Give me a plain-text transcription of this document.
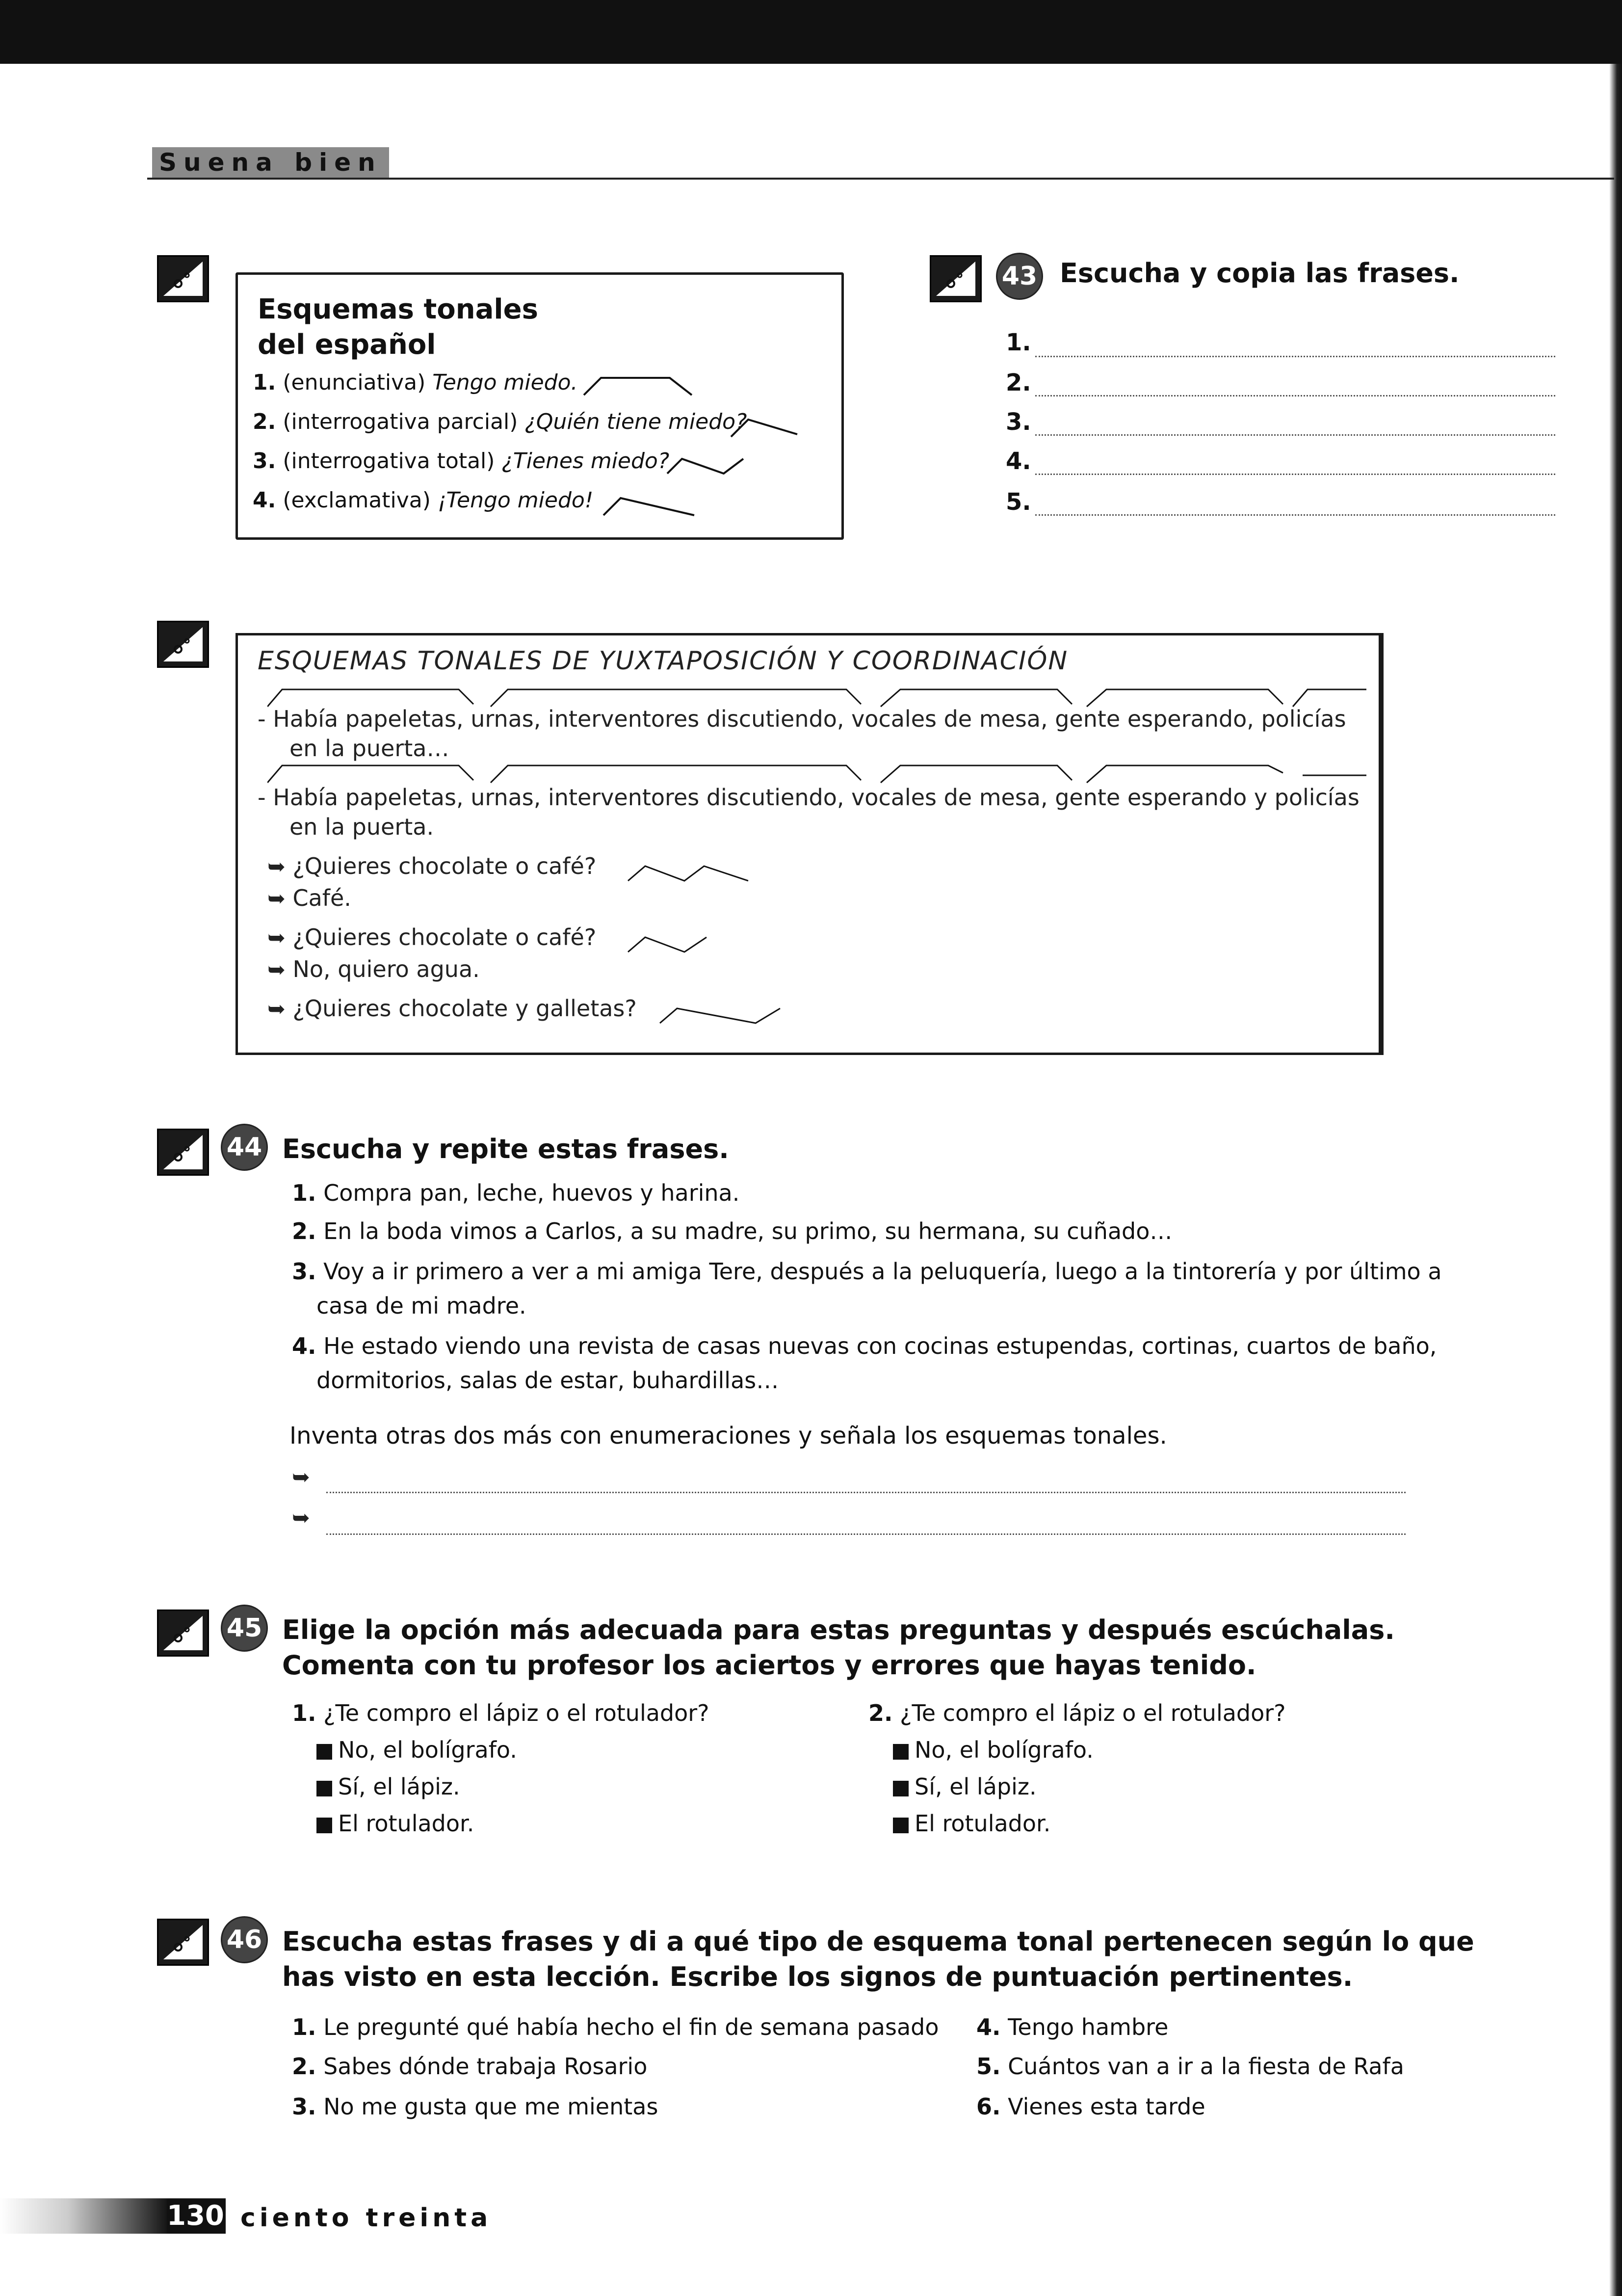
Suena bien
Esquemas tonales
del español
1. (enunciativa) Tengo miedo.
2. (interrogativa parcial) ¿Quién tiene miedo?
3. (interrogativa total) ¿Tienes miedo?
4. (exclamativa) ¡Tengo miedo!
43 Escucha y copia las frases.
1.
2.
3.
4.
5.
ESQUEMAS TONALES DE YUXTAPOSICIÓN Y COORDINACIÓN
- Había papeletas, urnas, interventores discutiendo, vocales de mesa, gente esperando, policías
en la puerta…
- Había papeletas, urnas, interventores discutiendo, vocales de mesa, gente esperando y policías
en la puerta.
➥ ¿Quieres chocolate o café?
➥ Café.
➥ ¿Quieres chocolate o café?
➥ No, quiero agua.
➥ ¿Quieres chocolate y galletas?
44 Escucha y repite estas frases.
1. Compra pan, leche, huevos y harina.
2. En la boda vimos a Carlos, a su madre, su primo, su hermana, su cuñado…
3. Voy a ir primero a ver a mi amiga Tere, después a la peluquería, luego a la tintorería y por último a
casa de mi madre.
4. He estado viendo una revista de casas nuevas con cocinas estupendas, cortinas, cuartos de baño,
dormitorios, salas de estar, buhardillas…
Inventa otras dos más con enumeraciones y señala los esquemas tonales.
➥
➥
45 Elige la opción más adecuada para estas preguntas y después escúchalas.
Comenta con tu profesor los aciertos y errores que hayas tenido.
1. ¿Te compro el lápiz o el rotulador?
No, el bolígrafo.
Sí, el lápiz.
El rotulador.
2. ¿Te compro el lápiz o el rotulador?
No, el bolígrafo.
Sí, el lápiz.
El rotulador.
46 Escucha estas frases y di a qué tipo de esquema tonal pertenecen según lo que
has visto en esta lección. Escribe los signos de puntuación pertinentes.
1. Le pregunté qué había hecho el fin de semana pasado
2. Sabes dónde trabaja Rosario
3. No me gusta que me mientas
4. Tengo hambre
5. Cuántos van a ir a la fiesta de Rafa
6. Vienes esta tarde
130 ciento treinta
